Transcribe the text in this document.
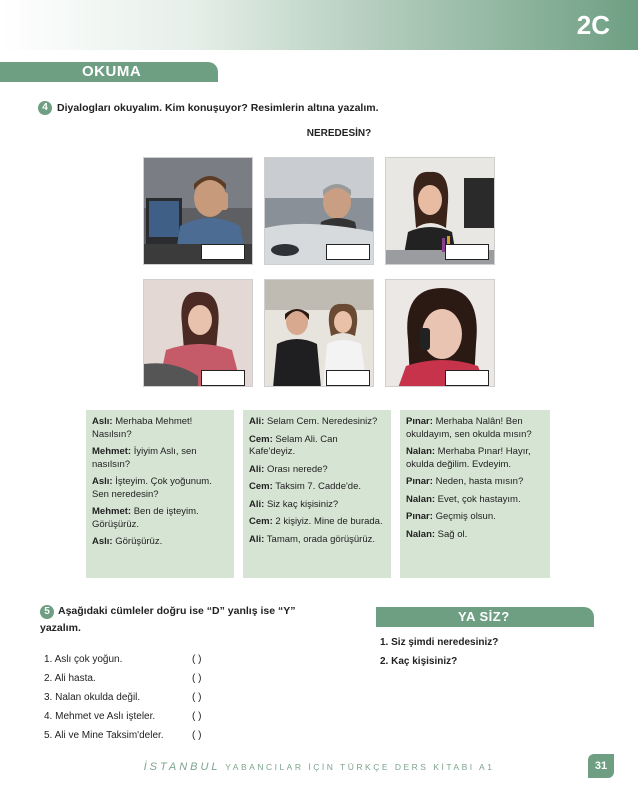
2C
OKUMA
4 Diyalogları okuyalım. Kim konuşuyor? Resimlerin altına yazalım.
NEREDESİN?

Aslı: Merhaba Mehmet! Nasılsın?

Mehmet: İyiyim Aslı, sen nasılsın?

Aslı: İşteyim. Çok yoğunum. Sen neredesin?

Mehmet: Ben de işteyim. Görüşürüz.

Aslı: Görüşürüz.

Ali: Selam Cem. Neredesiniz?

Cem: Selam Ali. Can Kafe'deyiz.

Ali: Orası nerede?

Cem: Taksim 7. Cadde'de.

Ali: Siz kaç kişisiniz?

Cem: 2 kişiyiz. Mine de burada.

Ali: Tamam, orada görüşürüz.

Pınar: Merhaba Nalân! Ben okuldayım, sen okulda mısın?

Nalan: Merhaba Pınar! Hayır, okulda değilim. Evdeyim.

Pınar: Neden, hasta mısın?

Nalan: Evet, çok hastayım.

Pınar: Geçmiş olsun.

Nalan: Sağ ol.

5 Aşağıdaki cümleler doğru ise “D” yanlış ise “Y”
yazalım.
1. Aslı çok yoğun.	( )
2. Ali hasta.	( )
3. Nalan okulda değil.	( )
4. Mehmet ve Aslı işteler.	( )
5. Ali ve Mine Taksim'deler.	( )
YA SİZ?
1. Siz şimdi neredesiniz?
2. Kaç kişisiniz?
İSTANBUL YABANCILAR İÇİN TÜRKÇE DERS KİTABI A1	31
